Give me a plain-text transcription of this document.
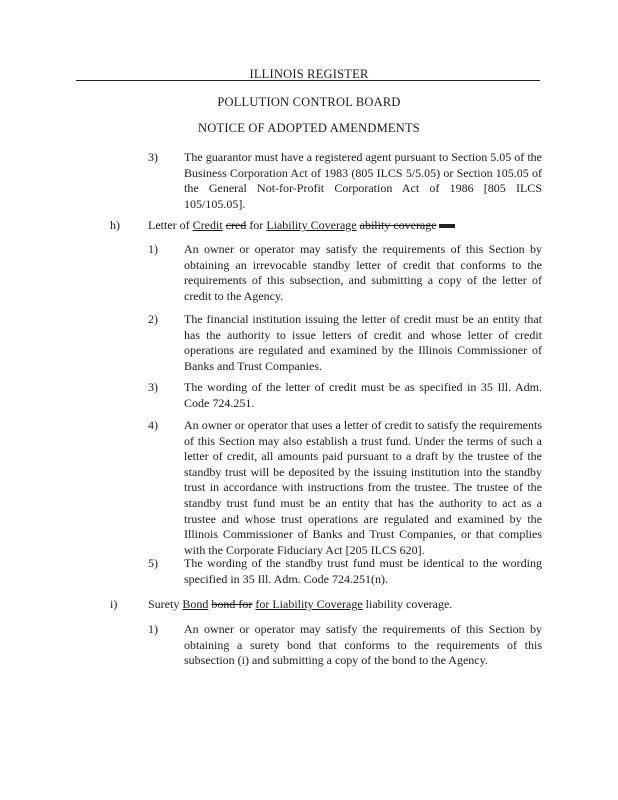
ILLINOIS REGISTER
POLLUTION CONTROL BOARD
NOTICE OF ADOPTED AMENDMENTS
3) The guarantor must have a registered agent pursuant to Section 5.05 of the Business Corporation Act of 1983 (805 ILCS 5/5.05) or Section 105.05 of the General Not-for-Profit Corporation Act of 1986 [805 ILCS 105/105.05].
h) Letter of Credit cred for Liability Coverage ability coverage
1) An owner or operator may satisfy the requirements of this Section by obtaining an irrevocable standby letter of credit that conforms to the requirements of this subsection, and submitting a copy of the letter of credit to the Agency.
2) The financial institution issuing the letter of credit must be an entity that has the authority to issue letters of credit and whose letter of credit operations are regulated and examined by the Illinois Commissioner of Banks and Trust Companies.
3) The wording of the letter of credit must be as specified in 35 Ill. Adm. Code 724.251.
4) An owner or operator that uses a letter of credit to satisfy the requirements of this Section may also establish a trust fund. Under the terms of such a letter of credit, all amounts paid pursuant to a draft by the trustee of the standby trust will be deposited by the issuing institution into the standby trust in accordance with instructions from the trustee. The trustee of the standby trust fund must be an entity that has the authority to act as a trustee and whose trust operations are regulated and examined by the Illinois Commissioner of Banks and Trust Companies, or that complies with the Corporate Fiduciary Act [205 ILCS 620].
5) The wording of the standby trust fund must be identical to the wording specified in 35 Ill. Adm. Code 724.251(n).
i)	Surety Bond bond for for Liability Coverage liability coverage.
1) An owner or operator may satisfy the requirements of this Section by obtaining a surety bond that conforms to the requirements of this subsection (i) and submitting a copy of the bond to the Agency.
